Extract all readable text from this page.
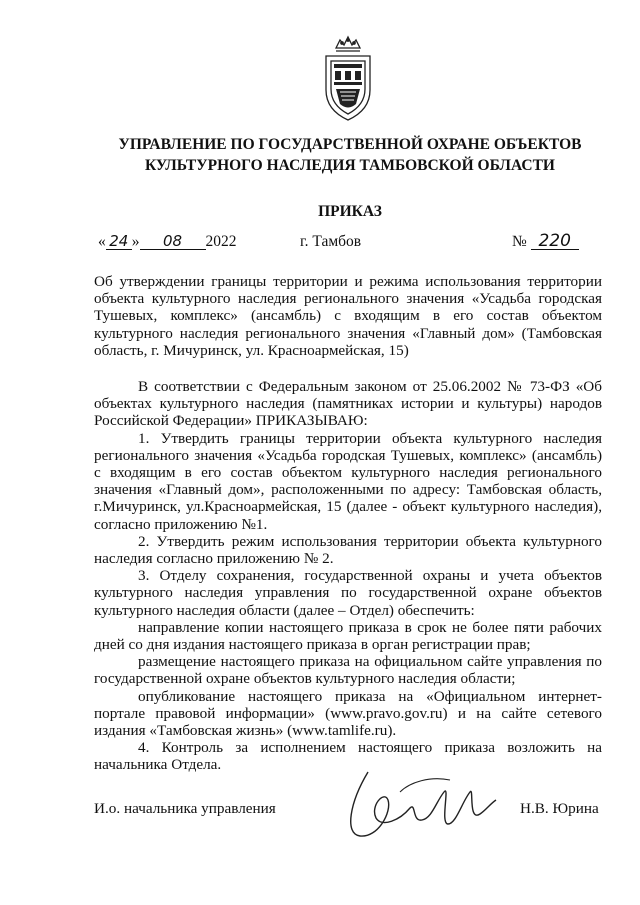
УПРАВЛЕНИЕ ПО ГОСУДАРСТВЕННОЙ ОХРАНЕ ОБЪЕКТОВ
КУЛЬТУРНОГО НАСЛЕДИЯ ТАМБОВСКОЙ ОБЛАСТИ
ПРИКАЗ
« 24 » 08 2022	г. Тамбов	№ 220
Об утверждении границы территории и режима использования территории объекта культурного наследия регионального значения «Усадьба городская Тушевых, комплекс» (ансамбль) с входящим в его состав объектом культурного наследия регионального значения «Главный дом» (Тамбовская область, г. Мичуринск, ул. Красноармейская, 15)

В соответствии с Федеральным законом от 25.06.2002 № 73-ФЗ «Об объектах культурного наследия (памятниках истории и культуры) народов Российской Федерации» ПРИКАЗЫВАЮ:

1. Утвердить границы территории объекта культурного наследия регионального значения «Усадьба городская Тушевых, комплекс» (ансамбль) с входящим в его состав объектом культурного наследия регионального значения «Главный дом», расположенными по адресу: Тамбовская область, г.Мичуринск, ул.Красноармейская, 15 (далее - объект культурного наследия), согласно приложению №1.

2. Утвердить режим использования территории объекта культурного наследия согласно приложению № 2.

3. Отделу сохранения, государственной охраны и учета объектов культурного наследия управления по государственной охране объектов культурного наследия области (далее – Отдел) обеспечить:

направление копии настоящего приказа в срок не более пяти рабочих дней со дня издания настоящего приказа в орган регистрации прав;

размещение настоящего приказа на официальном сайте управления по государственной охране объектов культурного наследия области;

опубликование настоящего приказа на «Официальном интернет-портале правовой информации» (www.pravo.gov.ru) и на сайте сетевого издания «Тамбовская жизнь» (www.tamlife.ru).

4. Контроль за исполнением настоящего приказа возложить на начальника Отдела.

И.о. начальника управления	Н.В. Юрина
